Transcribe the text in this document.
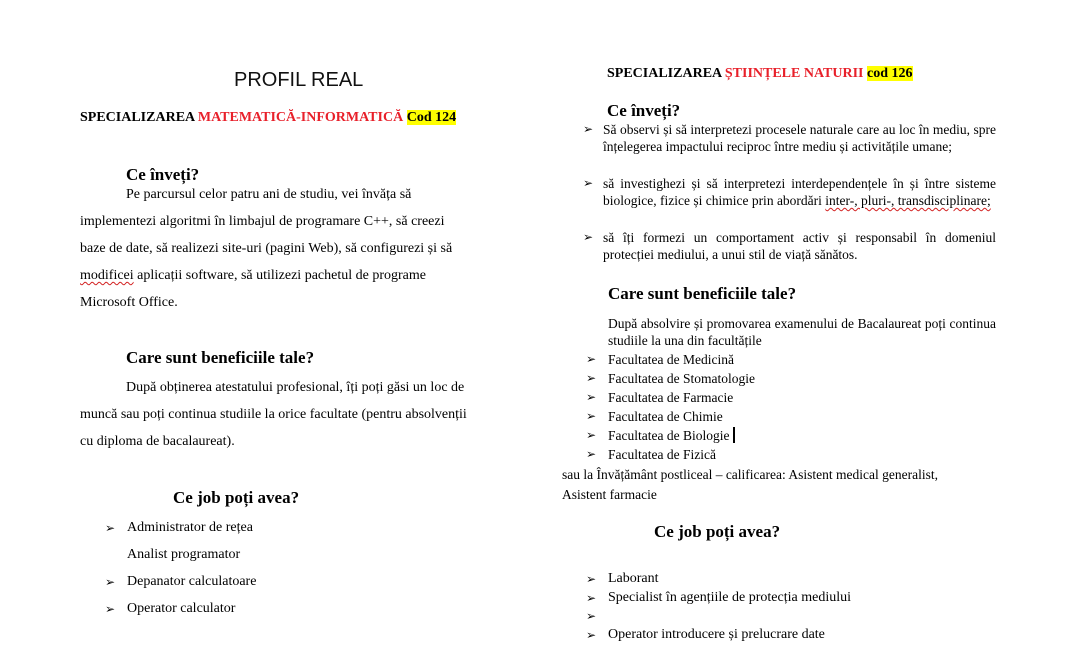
PROFIL REAL
SPECIALIZAREA MATEMATICĂ-INFORMATICĂ Cod 124
Ce înveți?
Pe parcursul celor patru ani de studiu, vei învăța să
implementezi algoritmi în limbajul de programare C++, să creezi
baze de date, să realizezi site-uri (pagini Web), să configurezi și să
modificei aplicații software, să utilizezi pachetul de programe
Microsoft Office.
Care sunt beneficiile tale?
După obținerea atestatului profesional, îți poți găsi un loc de
muncă sau poți continua studiile la orice facultate (pentru absolvenții
cu diploma de bacalaureat).
Ce job poți avea?
➢
Administrator de rețea
Analist programator
➢
Depanator calculatoare
➢
Operator calculator
SPECIALIZAREA ȘTIINȚELE NATURII cod 126
Ce înveți?
➢
Să observi și să interpretezi procesele naturale care au loc în mediu, spre înțelegerea impactului reciproc între mediu și activitățile umane;
➢
să investighezi și să interpretezi interdependențele în și între sisteme biologice, fizice și chimice prin abordări inter-, pluri-, transdisciplinare;
➢
să îți formezi un comportament activ și responsabil în domeniul protecției mediului, a unui stil de viață sănătos.
Care sunt beneficiile tale?
După absolvire și promovarea examenului de Bacalaureat poți continua studiile la una din facultățile
➢
Facultatea de Medicină
➢
Facultatea de Stomatologie
➢
Facultatea de Farmacie
➢
Facultatea de Chimie
➢
Facultatea de Biologie
➢
Facultatea de Fizică
sau la Învățământ postliceal – calificarea: Asistent medical generalist,
Asistent farmacie
Ce job poți avea?
➢
Laborant
➢
Specialist în agențiile de protecția mediului
➢
➢
Operator introducere și prelucrare date
